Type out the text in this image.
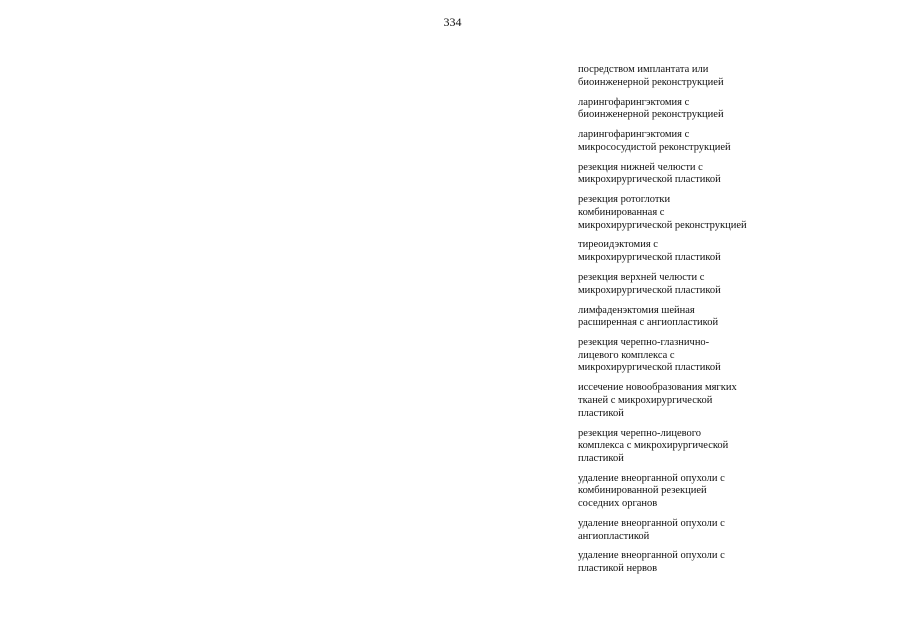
334
посредством имплантата или
биоинженерной реконструкцией
ларингофарингэктомия с
биоинженерной реконструкцией
ларингофарингэктомия с
микрососудистой реконструкцией
резекция нижней челюсти с
микрохирургической пластикой
резекция ротоглотки
комбинированная с
микрохирургической реконструкцией
тиреоидэктомия с
микрохирургической пластикой
резекция верхней челюсти с
микрохирургической пластикой
лимфаденэктомия шейная
расширенная с ангиопластикой
резекция черепно-глазнично-
лицевого комплекса с
микрохирургической пластикой
иссечение новообразования мягких
тканей с микрохирургической
пластикой
резекция черепно-лицевого
комплекса с микрохирургической
пластикой
удаление внеорганной опухоли с
комбинированной резекцией
соседних органов
удаление внеорганной опухоли с
ангиопластикой
удаление внеорганной опухоли с
пластикой нервов
